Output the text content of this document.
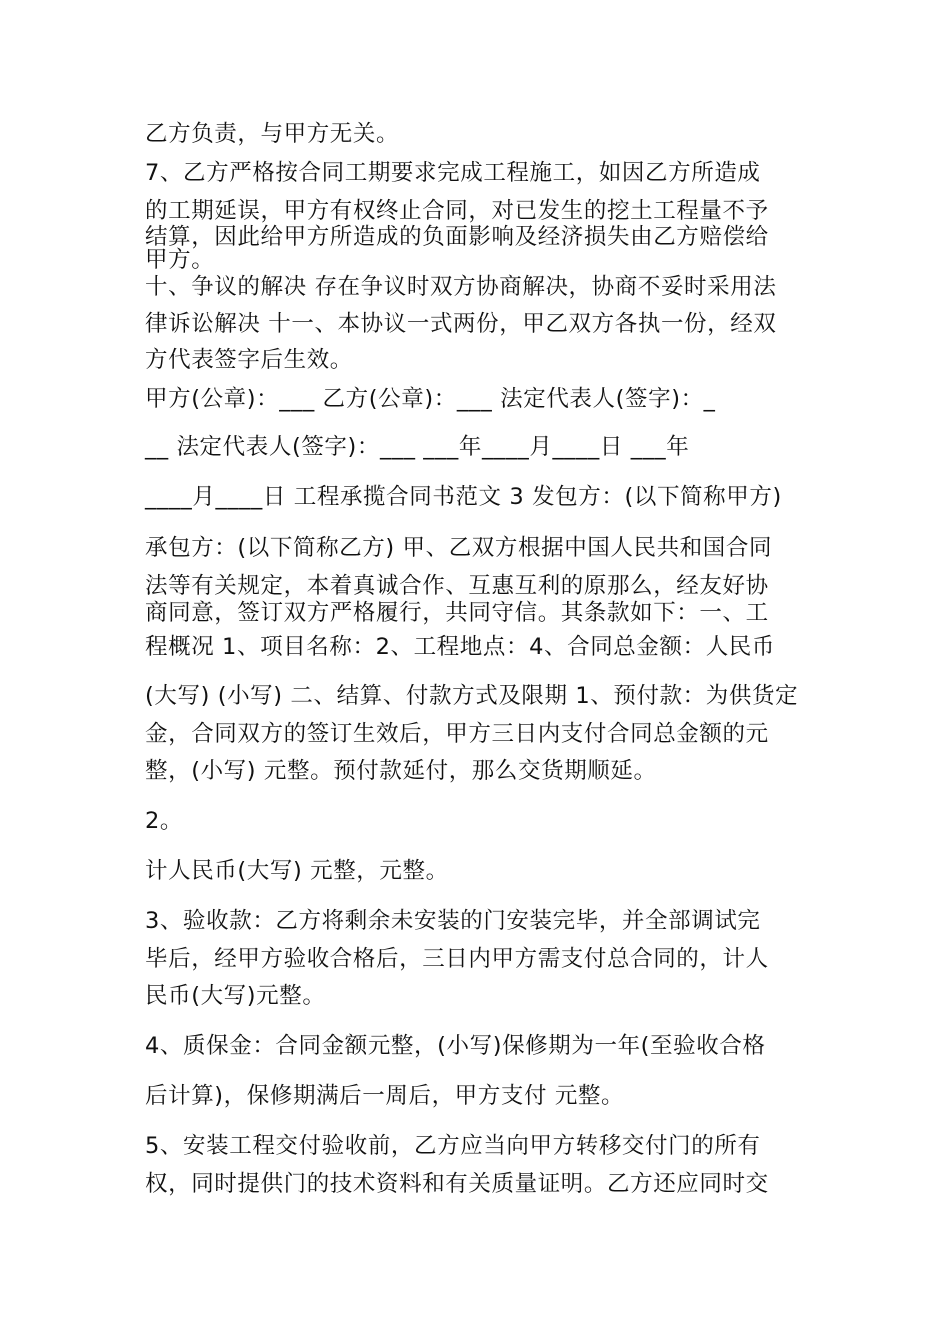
乙方负责，与甲方无关。

7、乙方严格按合同工期要求完成工程施工，如因乙方所造成

的工期延误，甲方有权终止合同，对已发生的挖土工程量不予

结算，因此给甲方所造成的负面影响及经济损失由乙方赔偿给

甲方。

十、争议的解决 存在争议时双方协商解决，协商不妥时采用法

律诉讼解决 十一、本协议一式两份，甲乙双方各执一份，经双

方代表签字后生效。

甲方(公章)：___ 乙方(公章)：___ 法定代表人(签字)：_

__ 法定代表人(签字)：___ ___年____月____日 ___年

____月____日 工程承揽合同书范文 3 发包方：(以下简称甲方)

承包方：(以下简称乙方) 甲、乙双方根据中国人民共和国合同

法等有关规定，本着真诚合作、互惠互利的原那么，经友好协

商同意，签订双方严格履行，共同守信。其条款如下：一、工

程概况 1、项目名称：2、工程地点：4、合同总金额：人民币

(大写) (小写) 二、结算、付款方式及限期 1、预付款：为供货定

金，合同双方的签订生效后，甲方三日内支付合同总金额的元

整，(小写) 元整。预付款延付，那么交货期顺延。

2。

计人民币(大写) 元整，元整。

3、验收款：乙方将剩余未安装的门安装完毕，并全部调试完

毕后，经甲方验收合格后，三日内甲方需支付总合同的，计人

民币(大写)元整。

4、质保金：合同金额元整，(小写)保修期为一年(至验收合格

后计算)，保修期满后一周后，甲方支付 元整。

5、安装工程交付验收前，乙方应当向甲方转移交付门的所有

权，同时提供门的技术资料和有关质量证明。乙方还应同时交
